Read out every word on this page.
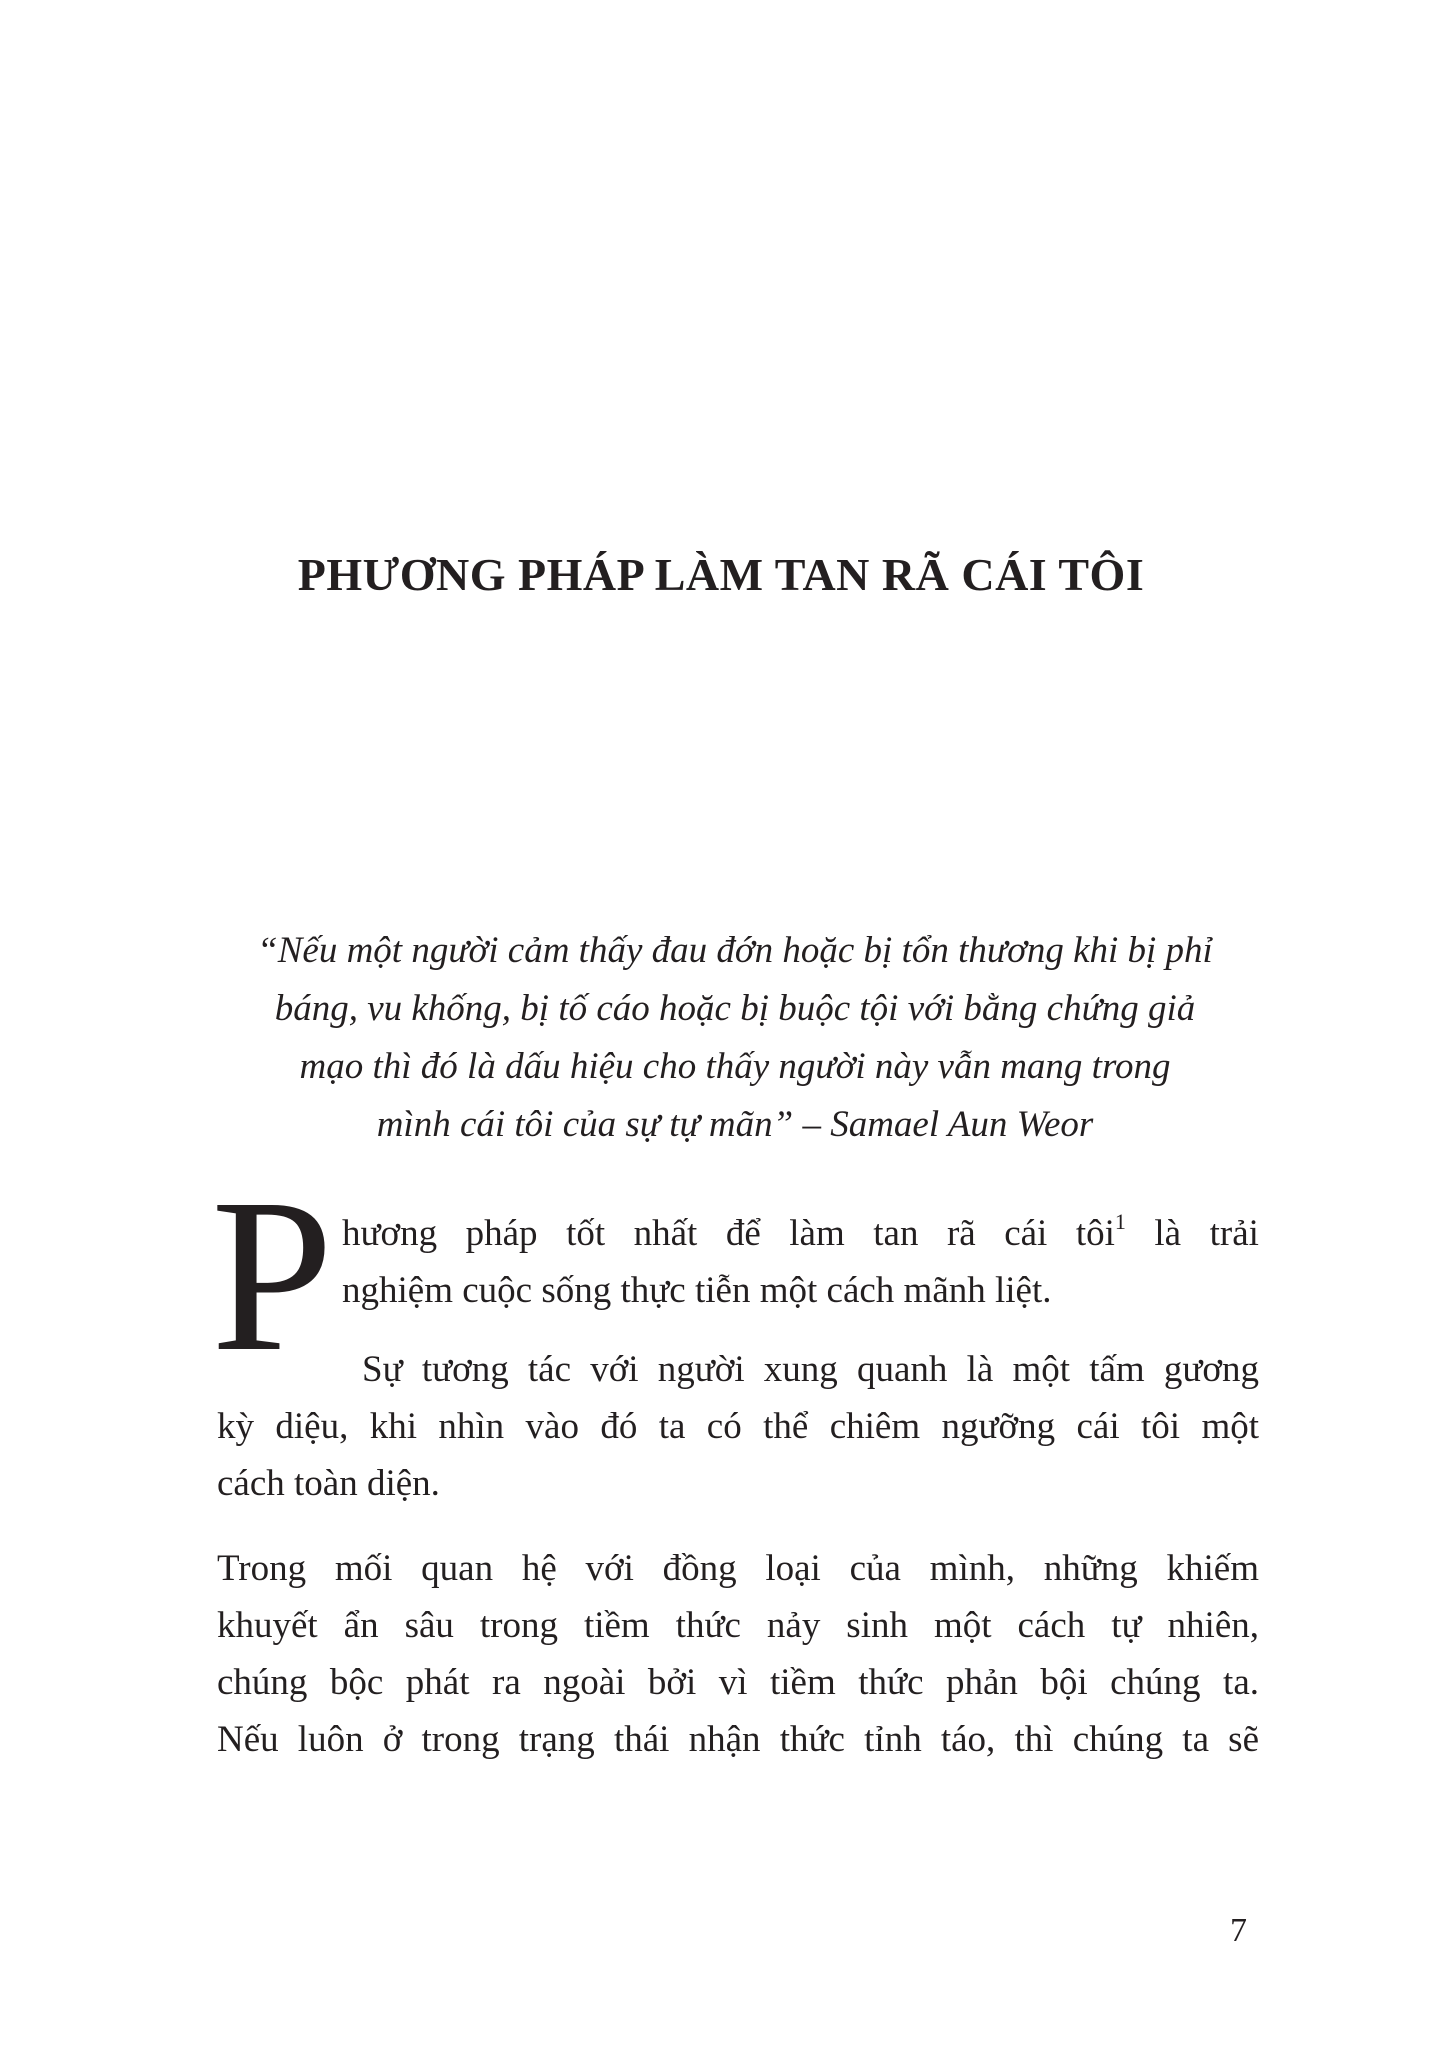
PHƯƠNG PHÁP LÀM TAN RÃ CÁI TÔI

“Nếu một người cảm thấy đau đớn hoặc bị tổn thương khi bị phỉ
báng, vu khống, bị tố cáo hoặc bị buộc tội với bằng chứng giả
mạo thì đó là dấu hiệu cho thấy người này vẫn mang trong
mình cái tôi của sự tự mãn” – Samael Aun Weor

P hương pháp tốt nhất để làm tan rã cái tôi$^1$ là trải
nghiệm cuộc sống thực tiễn một cách mãnh liệt.
Sự tương tác với người xung quanh là một tấm gương
kỳ diệu, khi nhìn vào đó ta có thể chiêm ngưỡng cái tôi một
cách toàn diện.
Trong mối quan hệ với đồng loại của mình, những khiếm
khuyết ẩn sâu trong tiềm thức nảy sinh một cách tự nhiên,
chúng bộc phát ra ngoài bởi vì tiềm thức phản bội chúng ta.
Nếu luôn ở trong trạng thái nhận thức tỉnh táo, thì chúng ta sẽ
7
